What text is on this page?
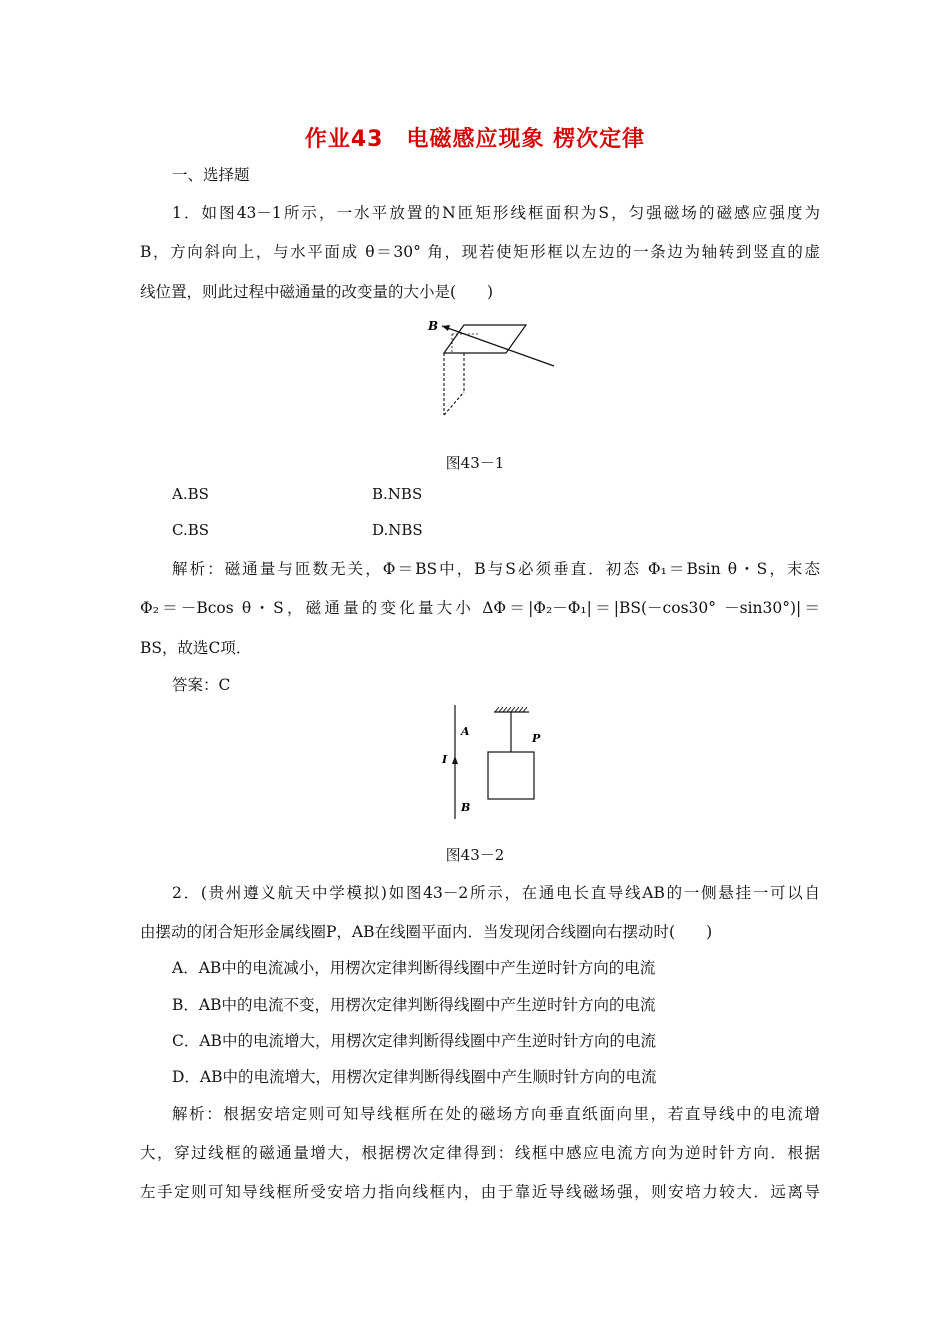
作业43　电磁感应现象 楞次定律
一、选择题
1．如图43－1所示，一水平放置的N匝矩形线框面积为S，匀强磁场的磁感应强度为
B，方向斜向上，与水平面成 θ＝30° 角，现若使矩形框以左边的一条边为轴转到竖直的虚
线位置，则此过程中磁通量的改变量的大小是(　　)
B
图43－1
A.BS	B.NBS
C.BS	D.NBS
解析：磁通量与匝数无关，Φ＝BS中，B与S必须垂直．初态 Φ₁＝Bsin θ・S，末态
Φ₂＝－Bcos θ・S，磁通量的变化量大小 ΔΦ＝|Φ₂－Φ₁|＝|BS(－cos30° －sin30°)|＝
BS，故选C项．
答案：C
A
I
B
P
图43－2
2．(贵州遵义航天中学模拟)如图43－2所示，在通电长直导线AB的一侧悬挂一可以自
由摆动的闭合矩形金属线圈P，AB在线圈平面内．当发现闭合线圈向右摆动时(　　)
A．AB中的电流减小，用楞次定律判断得线圈中产生逆时针方向的电流
B．AB中的电流不变，用楞次定律判断得线圈中产生逆时针方向的电流
C．AB中的电流增大，用楞次定律判断得线圈中产生逆时针方向的电流
D．AB中的电流增大，用楞次定律判断得线圈中产生顺时针方向的电流
解析：根据安培定则可知导线框所在处的磁场方向垂直纸面向里，若直导线中的电流增
大，穿过线框的磁通量增大，根据楞次定律得到：线框中感应电流方向为逆时针方向．根据
左手定则可知导线框所受安培力指向线框内，由于靠近导线磁场强，则安培力较大．远离导
